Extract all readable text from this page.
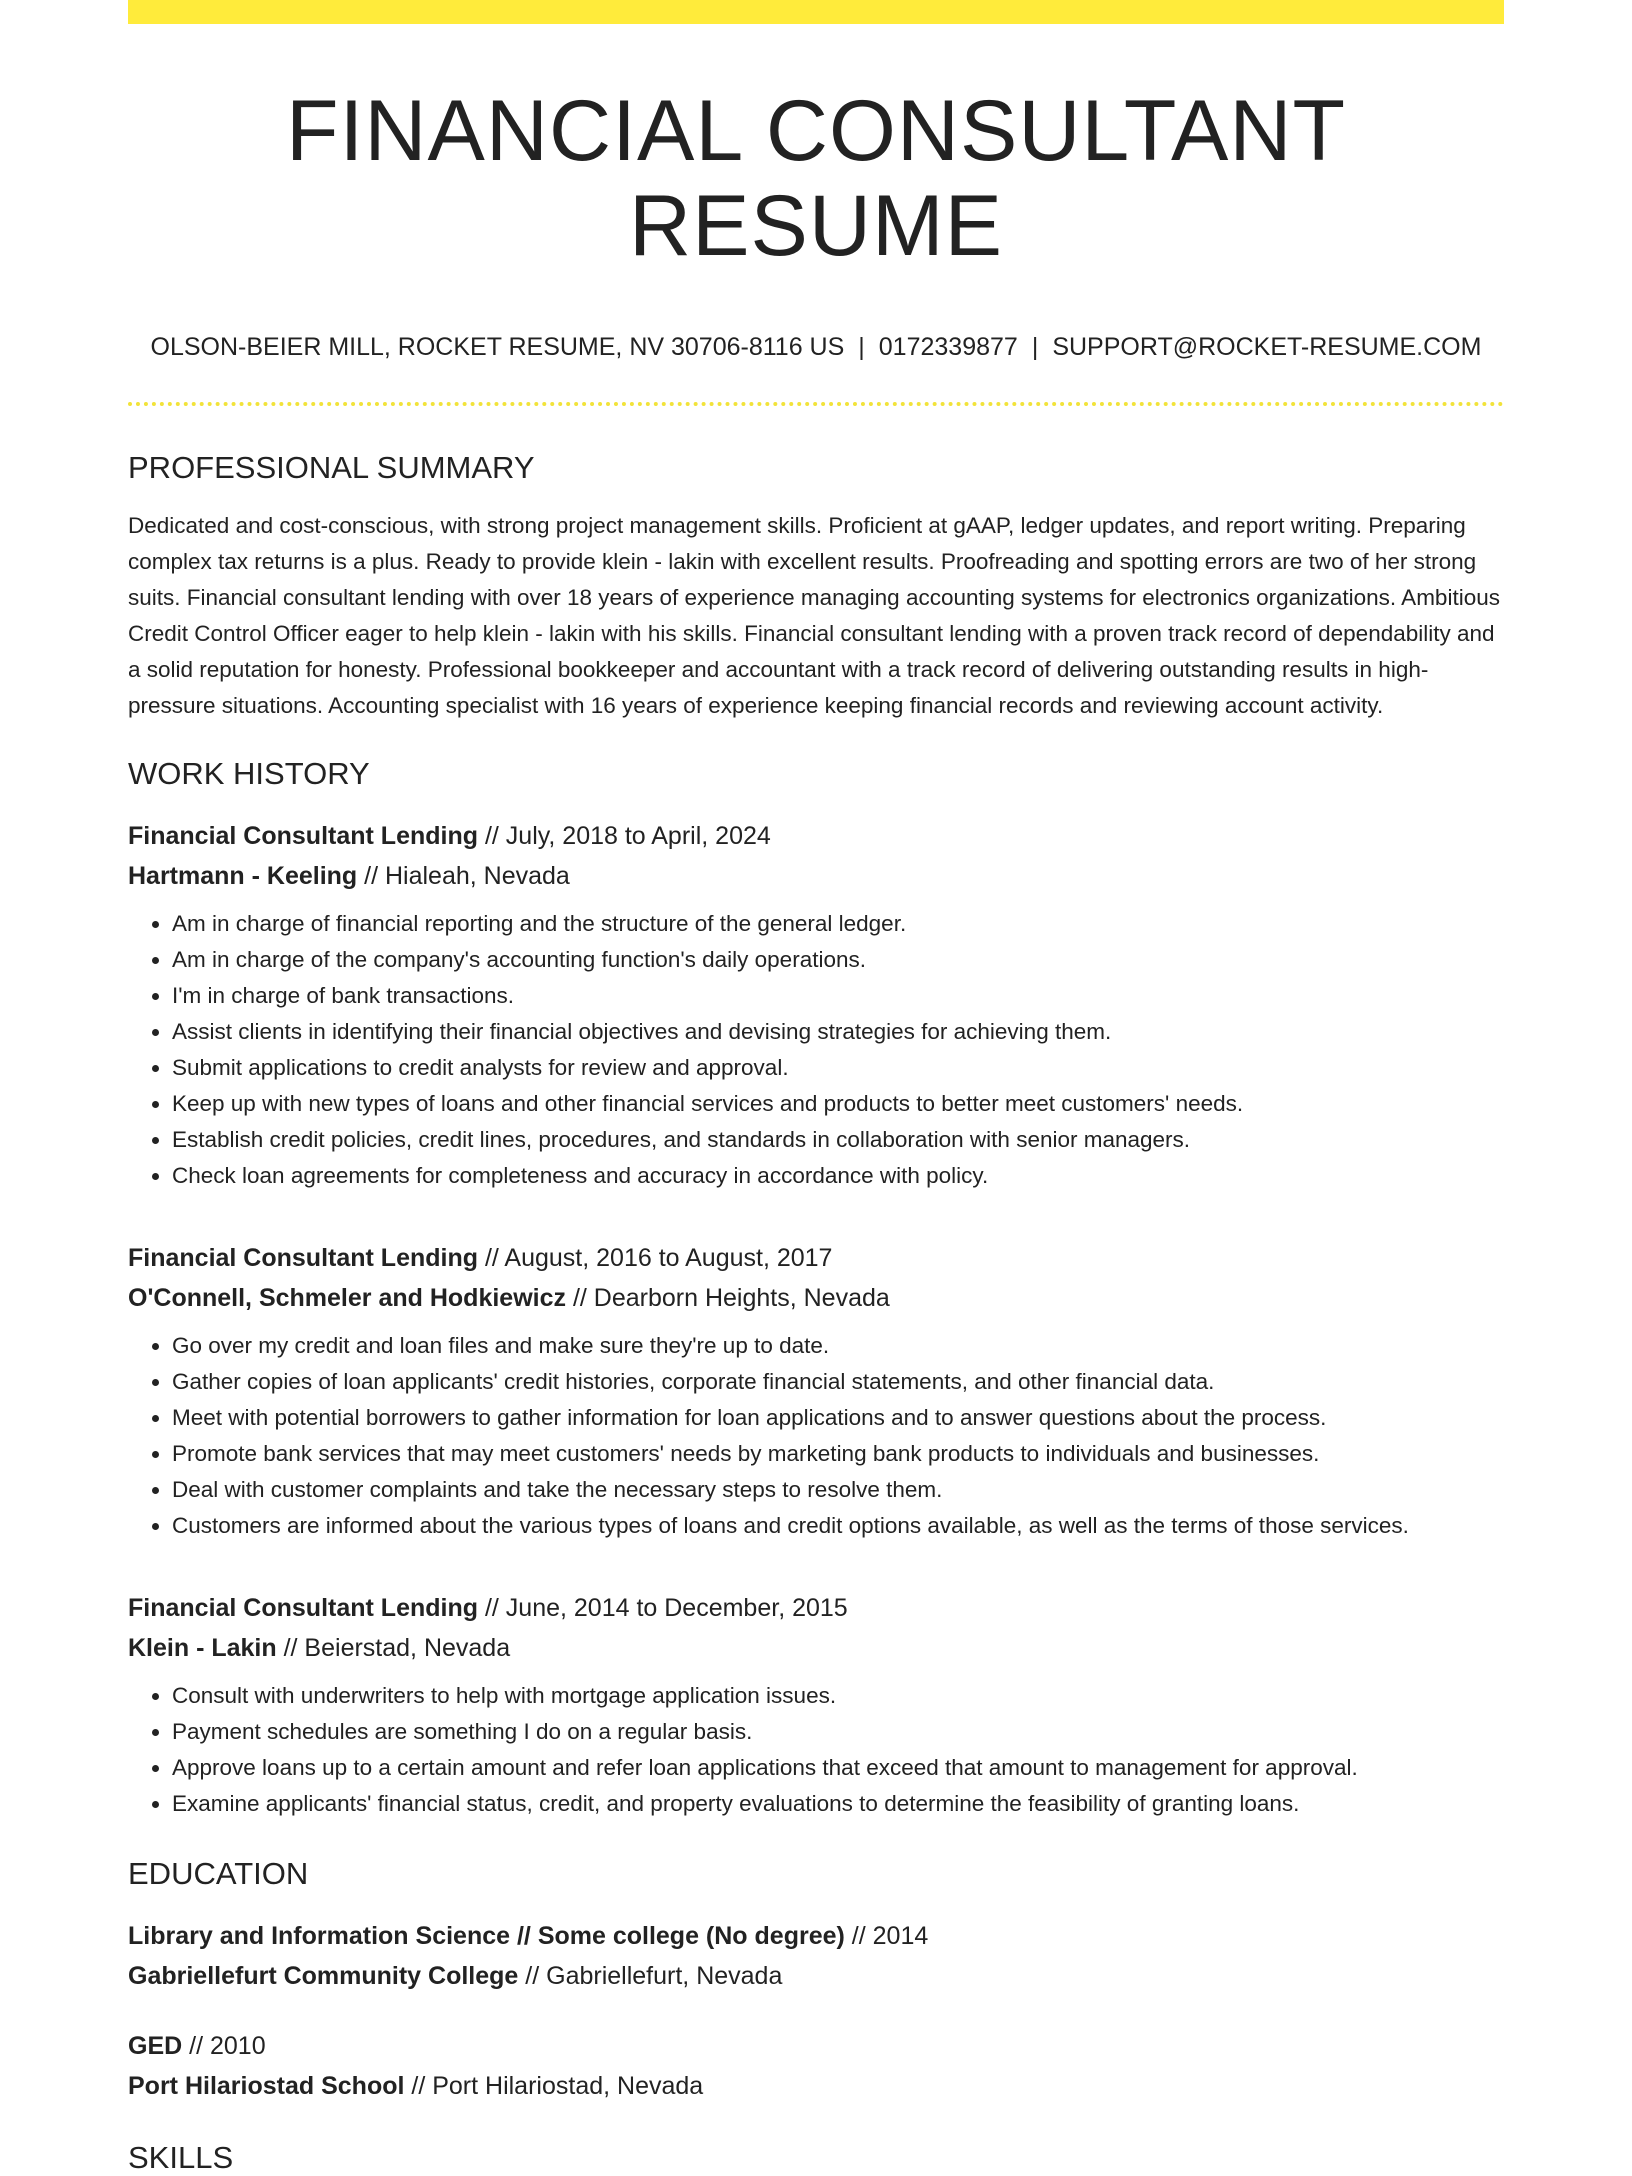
FINANCIAL CONSULTANT RESUME
OLSON-BEIER MILL, ROCKET RESUME, NV 30706-8116 US | 0172339877 | SUPPORT@ROCKET-RESUME.COM
PROFESSIONAL SUMMARY

Dedicated and cost-conscious, with strong project management skills. Proficient at gAAP, ledger updates, and report writing. Preparing complex tax returns is a plus. Ready to provide klein - lakin with excellent results. Proofreading and spotting errors are two of her strong suits. Financial consultant lending with over 18 years of experience managing accounting systems for electronics organizations. Ambitious Credit Control Officer eager to help klein - lakin with his skills. Financial consultant lending with a proven track record of dependability and a solid reputation for honesty. Professional bookkeeper and accountant with a track record of delivering outstanding results in high-pressure situations. Accounting specialist with 16 years of experience keeping financial records and reviewing account activity.

WORK HISTORY
Financial Consultant Lending // July, 2018 to April, 2024
Hartmann - Keeling // Hialeah, Nevada
• Am in charge of financial reporting and the structure of the general ledger.
• Am in charge of the company's accounting function's daily operations.
• I'm in charge of bank transactions.
• Assist clients in identifying their financial objectives and devising strategies for achieving them.
• Submit applications to credit analysts for review and approval.
• Keep up with new types of loans and other financial services and products to better meet customers' needs.
• Establish credit policies, credit lines, procedures, and standards in collaboration with senior managers.
• Check loan agreements for completeness and accuracy in accordance with policy.
Financial Consultant Lending // August, 2016 to August, 2017
O'Connell, Schmeler and Hodkiewicz // Dearborn Heights, Nevada
• Go over my credit and loan files and make sure they're up to date.
• Gather copies of loan applicants' credit histories, corporate financial statements, and other financial data.
• Meet with potential borrowers to gather information for loan applications and to answer questions about the process.
• Promote bank services that may meet customers' needs by marketing bank products to individuals and businesses.
• Deal with customer complaints and take the necessary steps to resolve them.
• Customers are informed about the various types of loans and credit options available, as well as the terms of those services.
Financial Consultant Lending // June, 2014 to December, 2015
Klein - Lakin // Beierstad, Nevada
• Consult with underwriters to help with mortgage application issues.
• Payment schedules are something I do on a regular basis.
• Approve loans up to a certain amount and refer loan applications that exceed that amount to management for approval.
• Examine applicants' financial status, credit, and property evaluations to determine the feasibility of granting loans.
EDUCATION
Library and Information Science // Some college (No degree) // 2014
Gabriellefurt Community College // Gabriellefurt, Nevada
GED // 2010
Port Hilariostad School // Port Hilariostad, Nevada
SKILLS
